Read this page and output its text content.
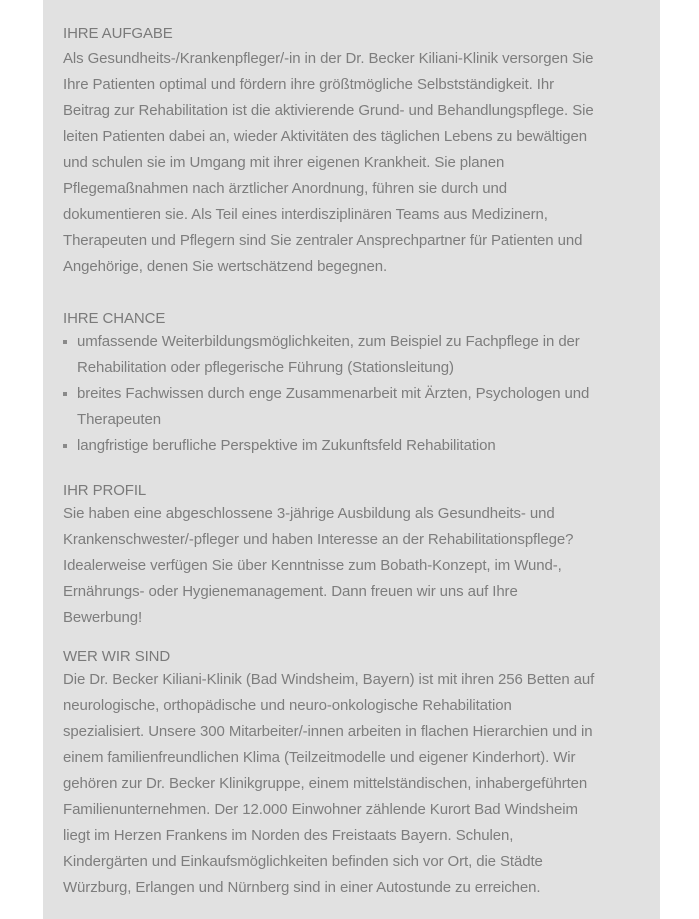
IHRE AUFGABE

Als Gesundheits-/Krankenpfleger/-in in der Dr. Becker Kiliani-Klinik versorgen Sie
Ihre Patienten optimal und fördern ihre größtmögliche Selbstständigkeit. Ihr
Beitrag zur Rehabilitation ist die aktivierende Grund- und Behandlungspflege. Sie
leiten Patienten dabei an, wieder Aktivitäten des täglichen Lebens zu bewältigen
und schulen sie im Umgang mit ihrer eigenen Krankheit. Sie planen
Pflegemaßnahmen nach ärztlicher Anordnung, führen sie durch und
dokumentieren sie. Als Teil eines interdisziplinären Teams aus Medizinern,
Therapeuten und Pflegern sind Sie zentraler Ansprechpartner für Patienten und
Angehörige, denen Sie wertschätzend begegnen.

IHRE CHANCE
umfassende Weiterbildungsmöglichkeiten, zum Beispiel zu Fachpflege in der
Rehabilitation oder pflegerische Führung (Stationsleitung)
breites Fachwissen durch enge Zusammenarbeit mit Ärzten, Psychologen und
Therapeuten
langfristige berufliche Perspektive im Zukunftsfeld Rehabilitation
IHR PROFIL

Sie haben eine abgeschlossene 3-jährige Ausbildung als Gesundheits- und
Krankenschwester/-pfleger und haben Interesse an der Rehabilitationspflege?
Idealerweise verfügen Sie über Kenntnisse zum Bobath-Konzept, im Wund-,
Ernährungs- oder Hygienemanagement. Dann freuen wir uns auf Ihre
Bewerbung!

WER WIR SIND

Die Dr. Becker Kiliani-Klinik (Bad Windsheim, Bayern) ist mit ihren 256 Betten auf
neurologische, orthopädische und neuro-onkologische Rehabilitation
spezialisiert. Unsere 300 Mitarbeiter/-innen arbeiten in flachen Hierarchien und in
einem familienfreundlichen Klima (Teilzeitmodelle und eigener Kinderhort). Wir
gehören zur Dr. Becker Klinikgruppe, einem mittelständischen, inhabergeführten
Familienunternehmen. Der 12.000 Einwohner zählende Kurort Bad Windsheim
liegt im Herzen Frankens im Norden des Freistaats Bayern. Schulen,
Kindergärten und Einkaufsmöglichkeiten befinden sich vor Ort, die Städte
Würzburg, Erlangen und Nürnberg sind in einer Autostunde zu erreichen.
